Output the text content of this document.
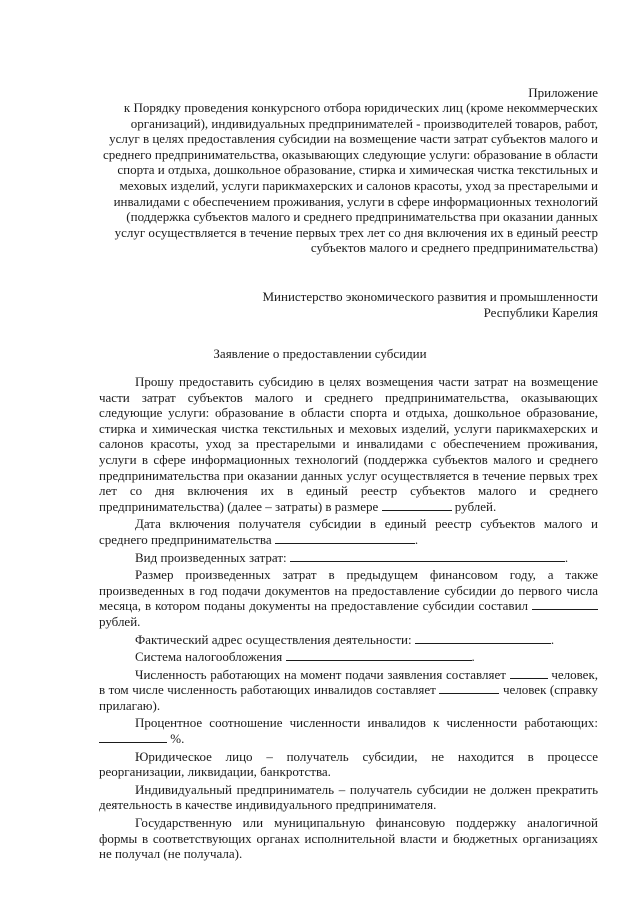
Приложение
к Порядку проведения конкурсного отбора юридических лиц (кроме некоммерческих организаций), индивидуальных предпринимателей - производителей товаров, работ, услуг в целях предоставления субсидии на возмещение части затрат субъектов малого и среднего предпринимательства, оказывающих следующие услуги: образование в области спорта и отдыха, дошкольное образование, стирка и химическая чистка текстильных и меховых изделий, услуги парикмахерских и салонов красоты, уход за престарелыми и инвалидами с обеспечением проживания, услуги в сфере информационных технологий (поддержка субъектов малого и среднего предпринимательства при оказании данных услуг осуществляется в течение первых трех лет со дня включения их в единый реестр субъектов малого и среднего предпринимательства)
Министерство экономического развития и промышленности
Республики Карелия
Заявление о предоставлении субсидии

Прошу предоставить субсидию в целях возмещения части затрат на возмещение части затрат субъектов малого и среднего предпринимательства, оказывающих следующие услуги: образование в области спорта и отдыха, дошкольное образование, стирка и химическая чистка текстильных и меховых изделий, услуги парикмахерских и салонов красоты, уход за престарелыми и инвалидами с обеспечением проживания, услуги в сфере информационных технологий (поддержка субъектов малого и среднего предпринимательства при оказании данных услуг осуществляется в течение первых трех лет со дня включения их в единый реестр субъектов малого и среднего предпринимательства) (далее – затраты) в размере	рублей.

Дата включения получателя субсидии в единый реестр субъектов малого и среднего предпринимательства	.

Вид произведенных затрат:	.

Размер произведенных затрат в предыдущем финансовом году, а также произведенных в год подачи документов на предоставление субсидии до первого числа месяца, в котором поданы документы на предоставление субсидии составил  рублей.

Фактический адрес осуществления деятельности:	.

Система налогообложения	.

Численность работающих на момент подачи заявления составляет	человек, в том числе численность работающих инвалидов составляет	человек (справку прилагаю).

Процентное соотношение численности инвалидов к численности работающих:  %.

Юридическое лицо – получатель субсидии, не находится в процессе реорганизации, ликвидации, банкротства.

Индивидуальный предприниматель – получатель субсидии не должен прекратить деятельность в качестве индивидуального предпринимателя.

Государственную или муниципальную финансовую поддержку аналогичной формы в соответствующих органах исполнительной власти и бюджетных организациях не получал (не получала).
